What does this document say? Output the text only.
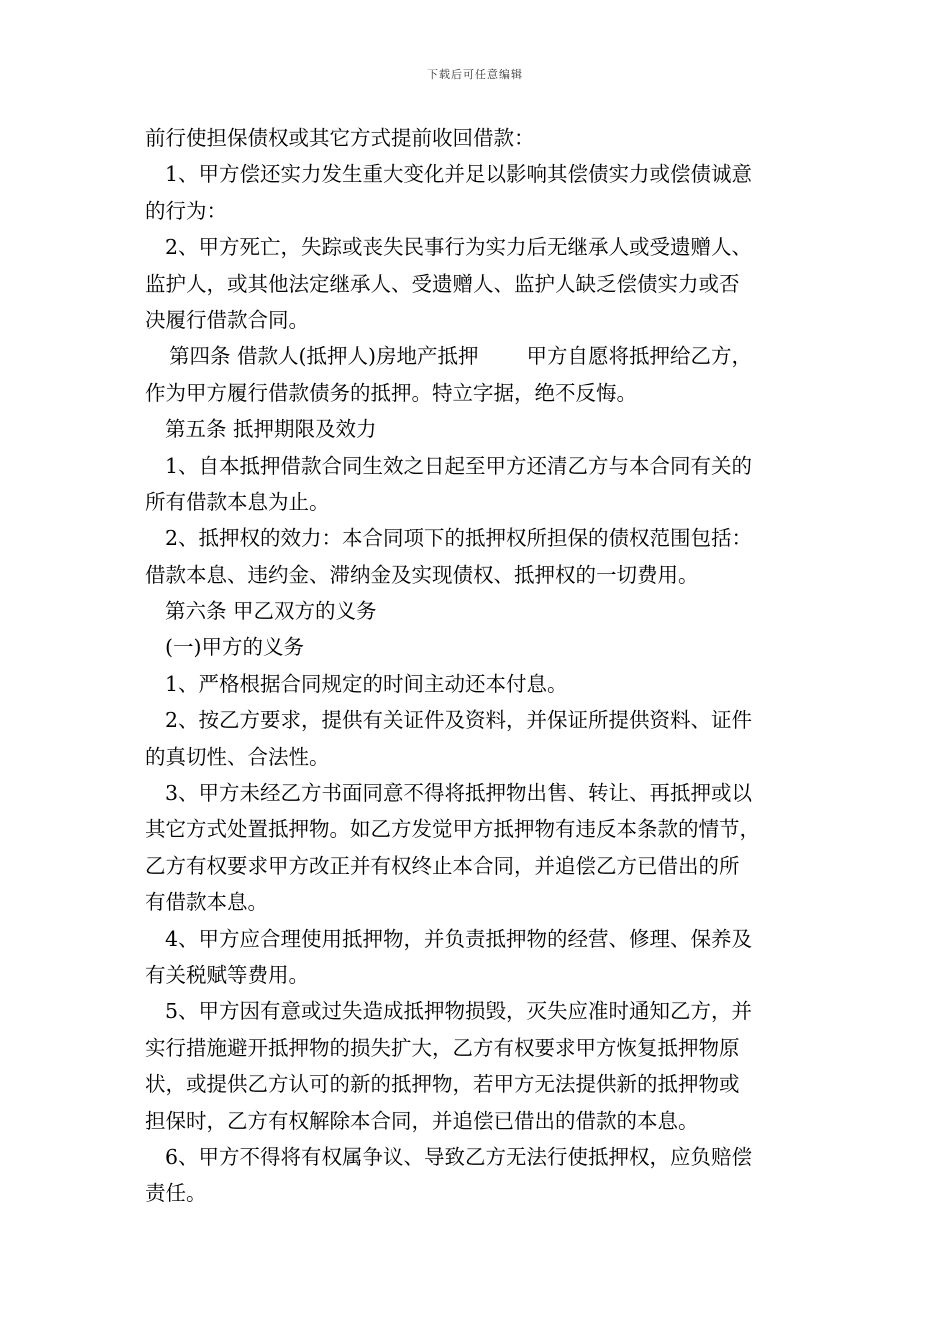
下载后可任意编辑
前行使担保债权或其它方式提前收回借款：
1、甲方偿还实力发生重大变化并足以影响其偿债实力或偿债诚意
的行为：
2、甲方死亡，失踪或丧失民事行为实力后无继承人或受遗赠人、
监护人，或其他法定继承人、受遗赠人、监护人缺乏偿债实力或否
决履行借款合同。
第四条 借款人(抵押人)房地产抵押 甲方自愿将抵押给乙方，
作为甲方履行借款债务的抵押。特立字据，绝不反悔。
第五条 抵押期限及效力
1、自本抵押借款合同生效之日起至甲方还清乙方与本合同有关的
所有借款本息为止。
2、抵押权的效力：本合同项下的抵押权所担保的债权范围包括：
借款本息、违约金、滞纳金及实现债权、抵押权的一切费用。
第六条 甲乙双方的义务
(一)甲方的义务
1、严格根据合同规定的时间主动还本付息。
2、按乙方要求，提供有关证件及资料，并保证所提供资料、证件
的真切性、合法性。
3、甲方未经乙方书面同意不得将抵押物出售、转让、再抵押或以
其它方式处置抵押物。如乙方发觉甲方抵押物有违反本条款的情节，
乙方有权要求甲方改正并有权终止本合同，并追偿乙方已借出的所
有借款本息。
4、甲方应合理使用抵押物，并负责抵押物的经营、修理、保养及
有关税赋等费用。
5、甲方因有意或过失造成抵押物损毁，灭失应准时通知乙方，并
实行措施避开抵押物的损失扩大，乙方有权要求甲方恢复抵押物原
状，或提供乙方认可的新的抵押物，若甲方无法提供新的抵押物或
担保时，乙方有权解除本合同，并追偿已借出的借款的本息。
6、甲方不得将有权属争议、导致乙方无法行使抵押权，应负赔偿
责任。
